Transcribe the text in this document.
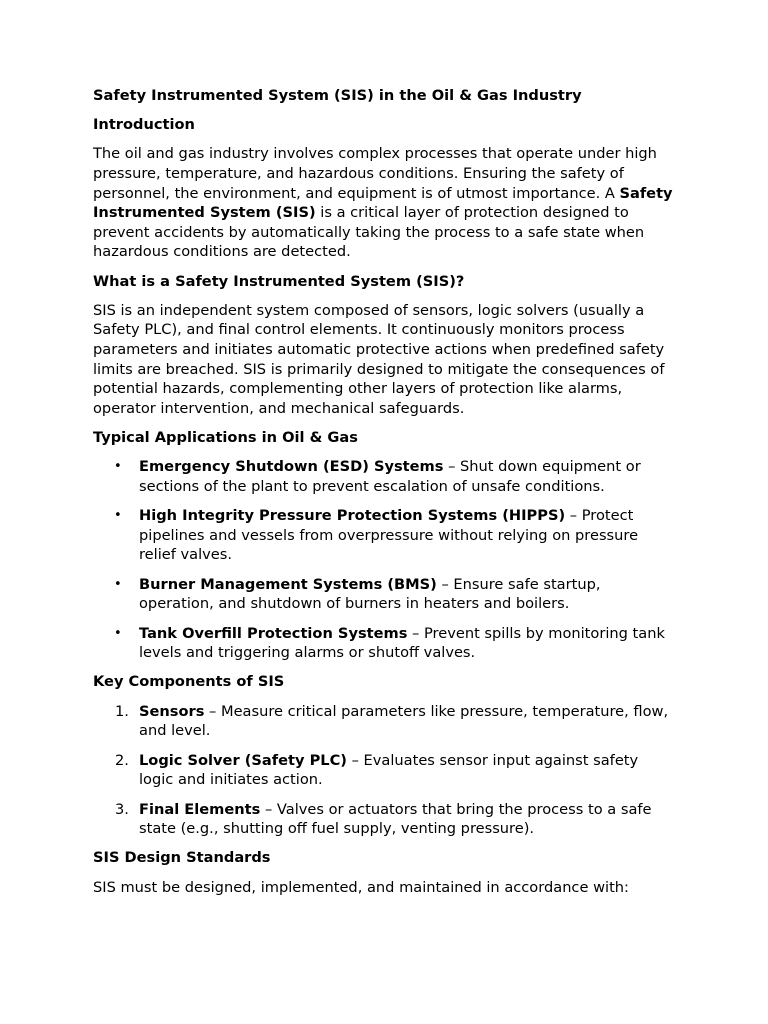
Safety Instrumented System (SIS) in the Oil & Gas Industry
Introduction

The oil and gas industry involves complex processes that operate under high pressure, temperature, and hazardous conditions. Ensuring the safety of personnel, the environment, and equipment is of utmost importance. A Safety Instrumented System (SIS) is a critical layer of protection designed to prevent accidents by automatically taking the process to a safe state when hazardous conditions are detected.

What is a Safety Instrumented System (SIS)?

SIS is an independent system composed of sensors, logic solvers (usually a Safety PLC), and final control elements. It continuously monitors process parameters and initiates automatic protective actions when predefined safety limits are breached. SIS is primarily designed to mitigate the consequences of potential hazards, complementing other layers of protection like alarms, operator intervention, and mechanical safeguards.

Typical Applications in Oil & Gas
• Emergency Shutdown (ESD) Systems – Shut down equipment or sections of the plant to prevent escalation of unsafe conditions.
• High Integrity Pressure Protection Systems (HIPPS) – Protect pipelines and vessels from overpressure without relying on pressure relief valves.
• Burner Management Systems (BMS) – Ensure safe startup, operation, and shutdown of burners in heaters and boilers.
• Tank Overfill Protection Systems – Prevent spills by monitoring tank levels and triggering alarms or shutoff valves.
Key Components of SIS
1. Sensors – Measure critical parameters like pressure, temperature, flow, and level.
2. Logic Solver (Safety PLC) – Evaluates sensor input against safety logic and initiates action.
3. Final Elements – Valves or actuators that bring the process to a safe state (e.g., shutting off fuel supply, venting pressure).
SIS Design Standards

SIS must be designed, implemented, and maintained in accordance with:
